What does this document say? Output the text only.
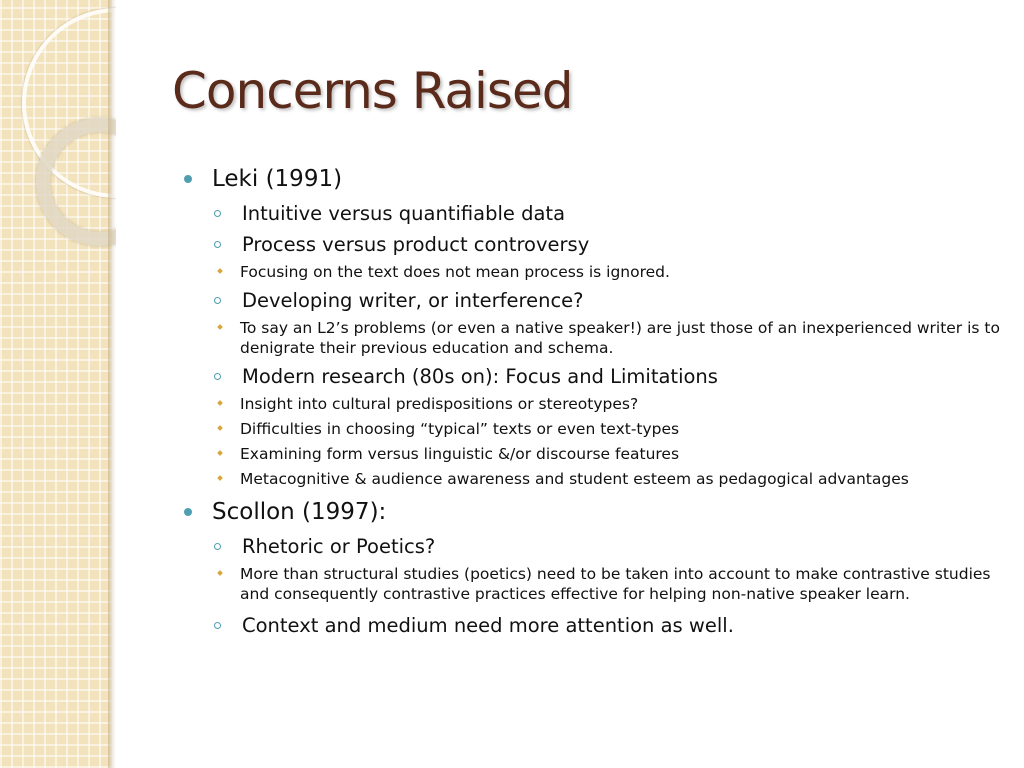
Concerns Raised
Leki (1991)
Intuitive versus quantifiable data
Process versus product controversy
Focusing on the text does not mean process is ignored.
Developing writer, or interference?
To say an L2’s problems (or even a native speaker!) are just those of an inexperienced writer is to denigrate their previous education and schema.
Modern research (80s on): Focus and Limitations
Insight into cultural predispositions or stereotypes?
Difficulties in choosing “typical” texts or even text-types
Examining form versus linguistic &/or discourse features
Metacognitive & audience awareness and student esteem as pedagogical advantages
Scollon (1997):
Rhetoric or Poetics?
More than structural studies (poetics) need to be taken into account to make contrastive studies and consequently contrastive practices effective for helping non-native speaker learn.
Context and medium need more attention as well.
